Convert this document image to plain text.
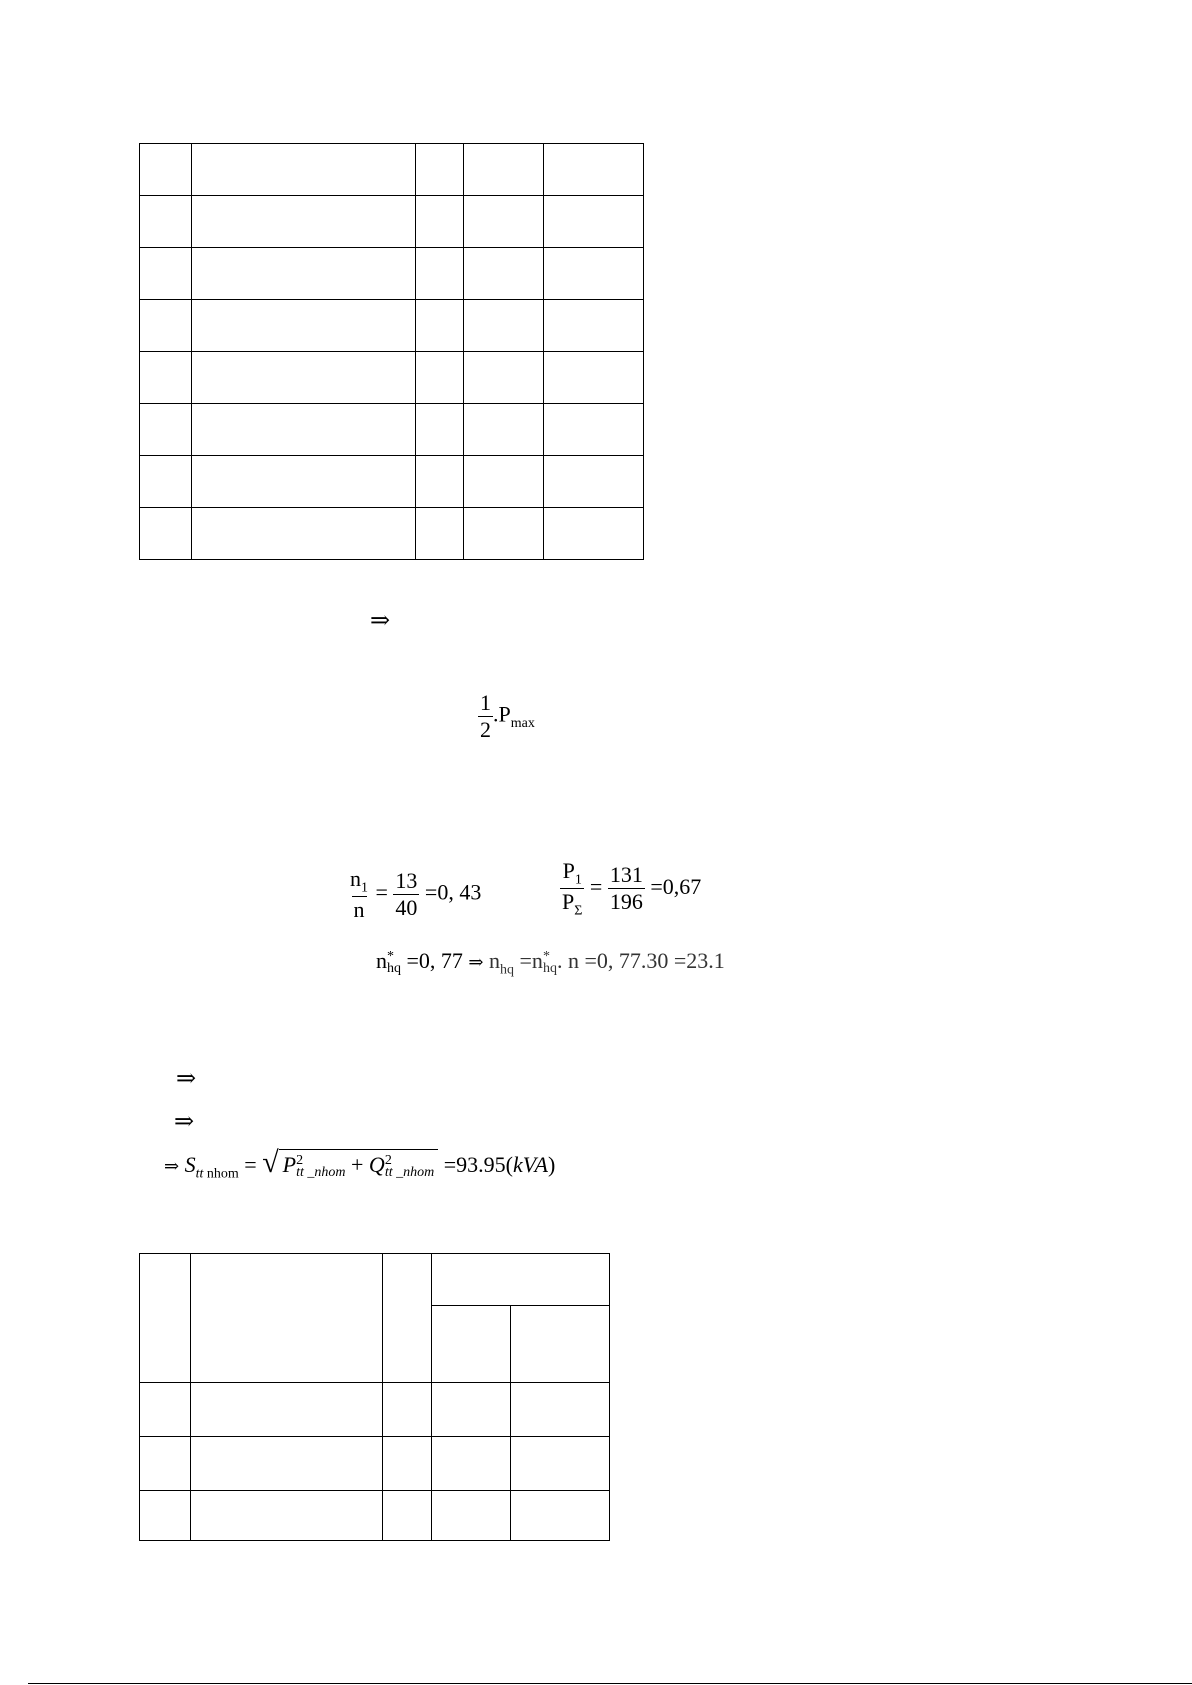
⇒
$\frac{1}{2} .P_{max}$
$\frac{n_1}{n} = \frac{13}{40} =0$, 43	$\frac{P_1}{P_\Sigma} = \frac{131}{196} =0,67$
n *
hq =0, 77 ⇒ $n_{hq} =n$ *
hq . n =0, 77.30 =23.1
⇒
⇒
⇒ $S_{tt nhom}$ = √ P 2
tt _nhom + Q 2
tt _nhom =93.95(kVA)
